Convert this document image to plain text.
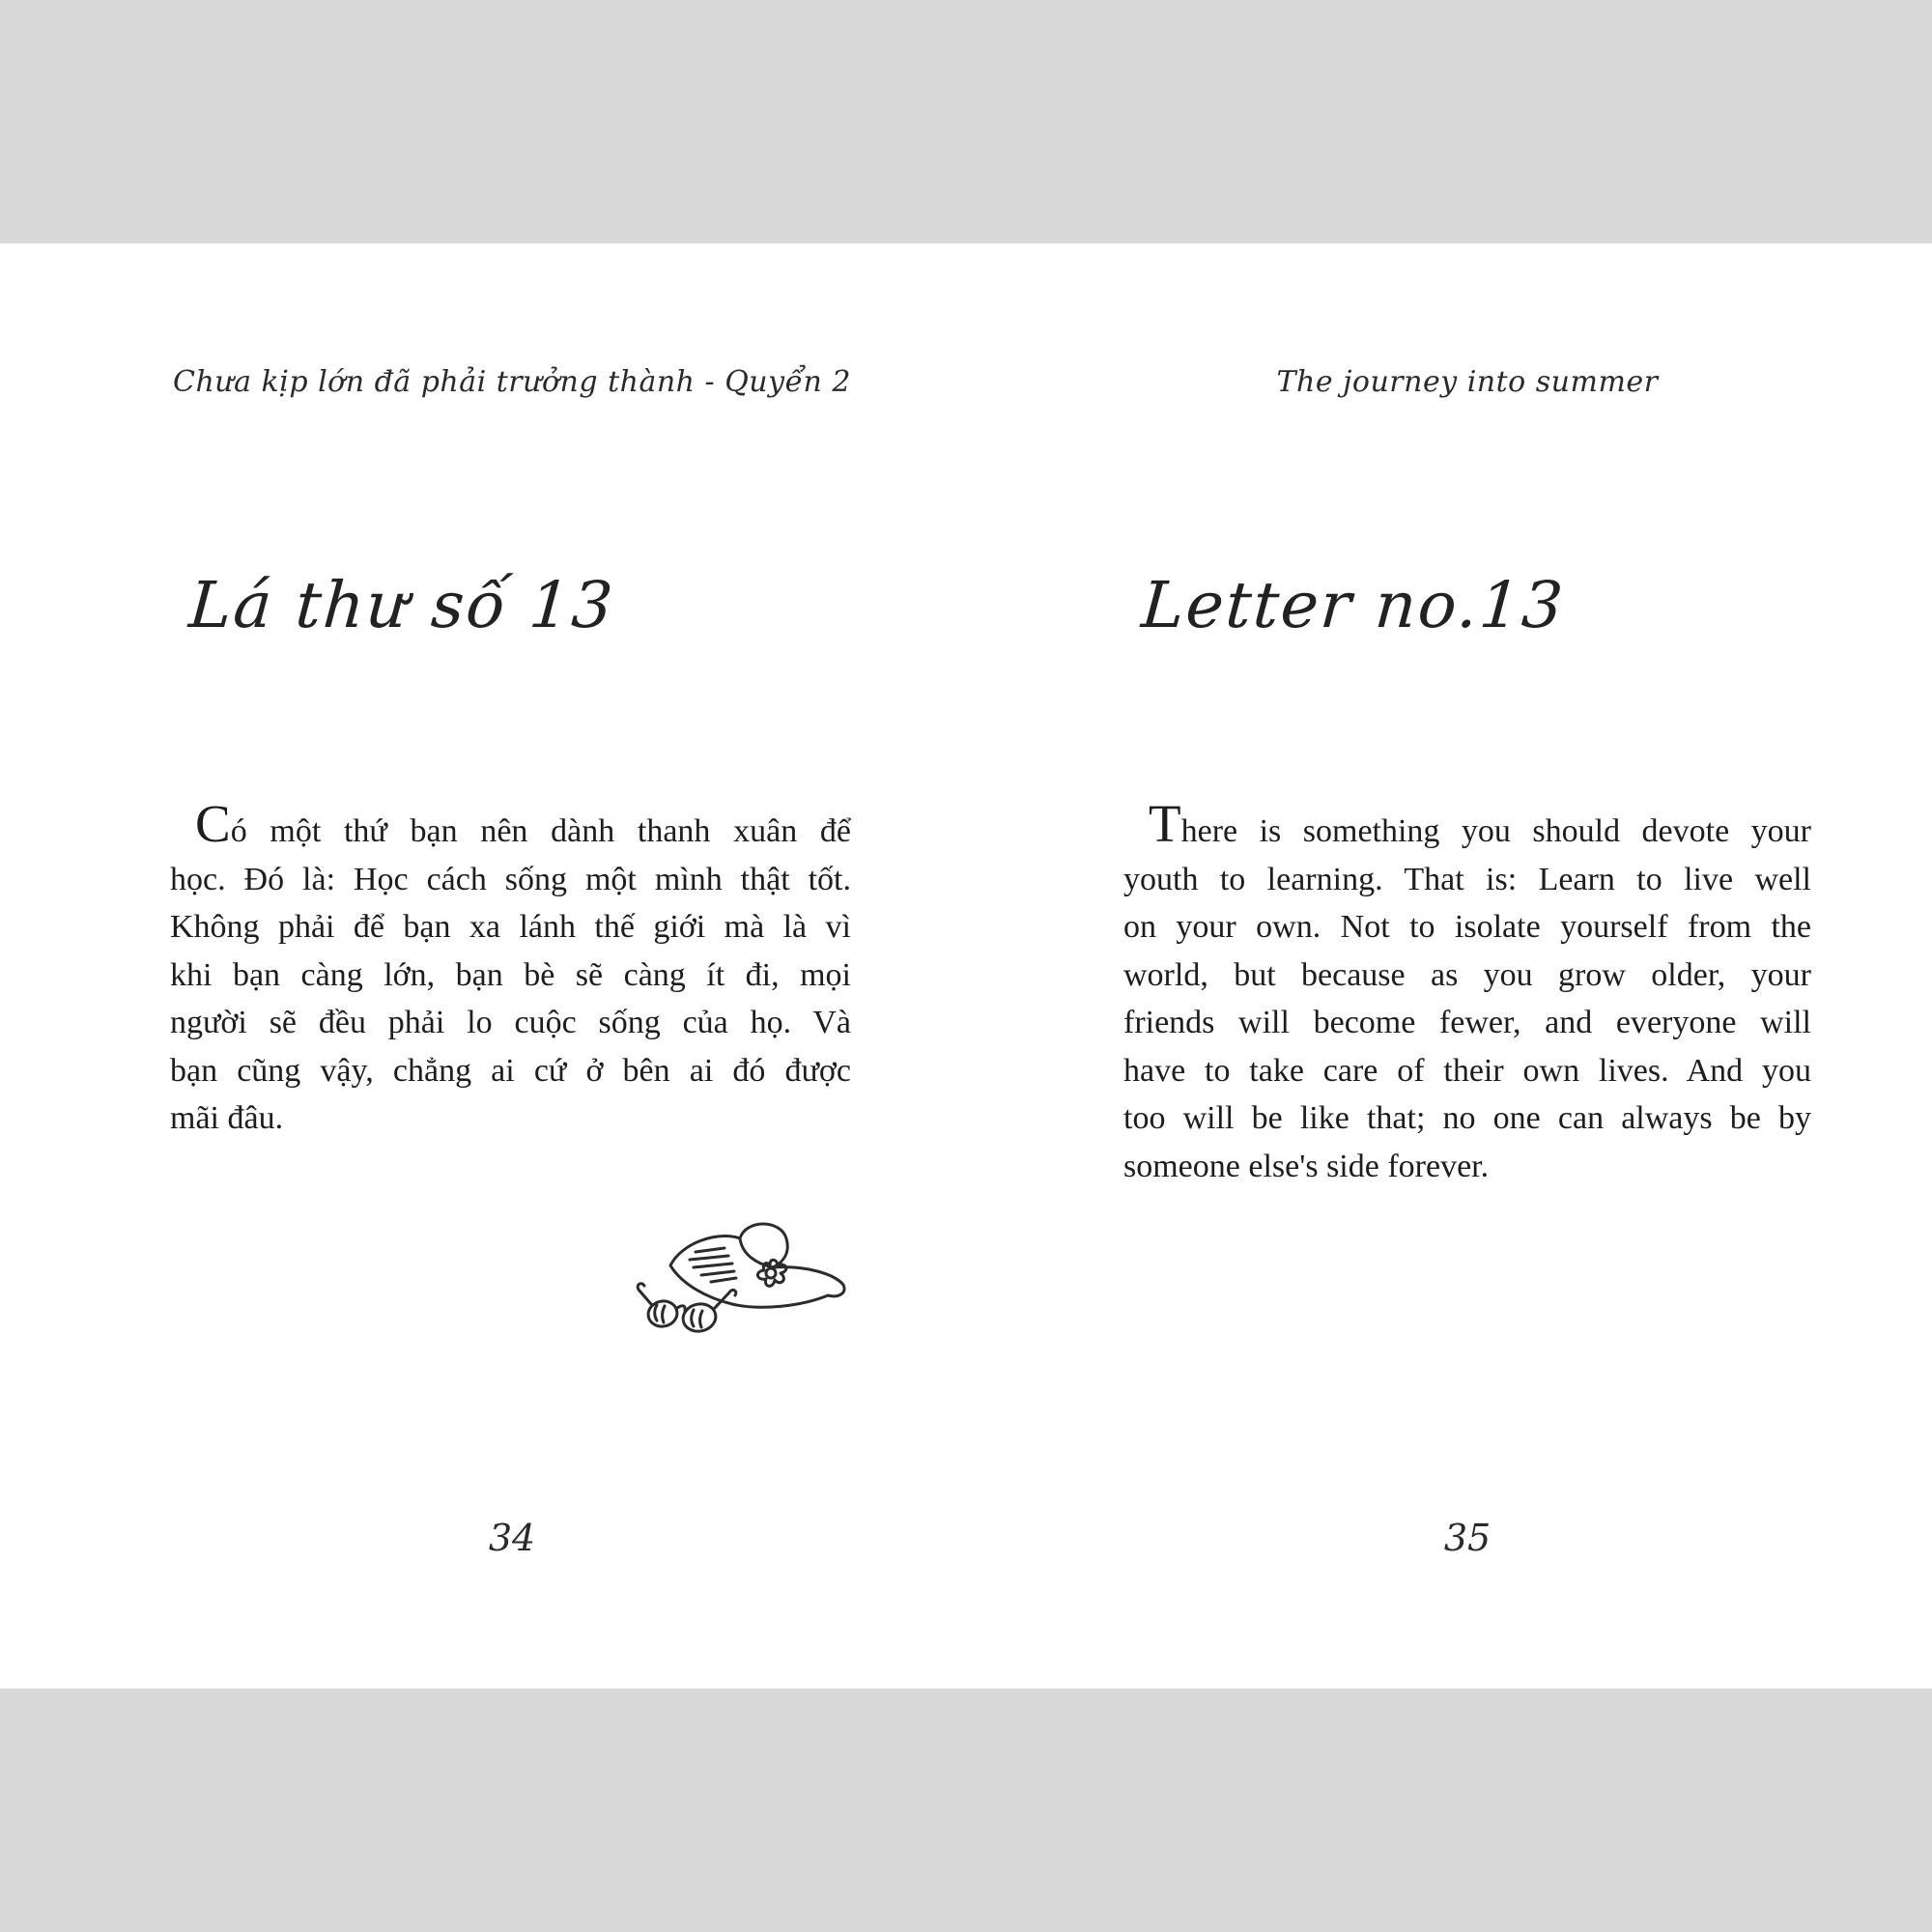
Chưa kịp lớn đã phải trưởng thành - Quyển 2
Lá thư số 13
Có một thứ bạn nên dành thanh xuân để
học. Đó là: Học cách sống một mình thật tốt.
Không phải để bạn xa lánh thế giới mà là vì
khi bạn càng lớn, bạn bè sẽ càng ít đi, mọi
người sẽ đều phải lo cuộc sống của họ. Và
bạn cũng vậy, chẳng ai cứ ở bên ai đó được
mãi đâu.
34
The journey into summer
Letter no.13
There is something you should devote your
youth to learning. That is: Learn to live well
on your own. Not to isolate yourself from the
world, but because as you grow older, your
friends will become fewer, and everyone will
have to take care of their own lives. And you
too will be like that; no one can always be by
someone else's side forever.
35
